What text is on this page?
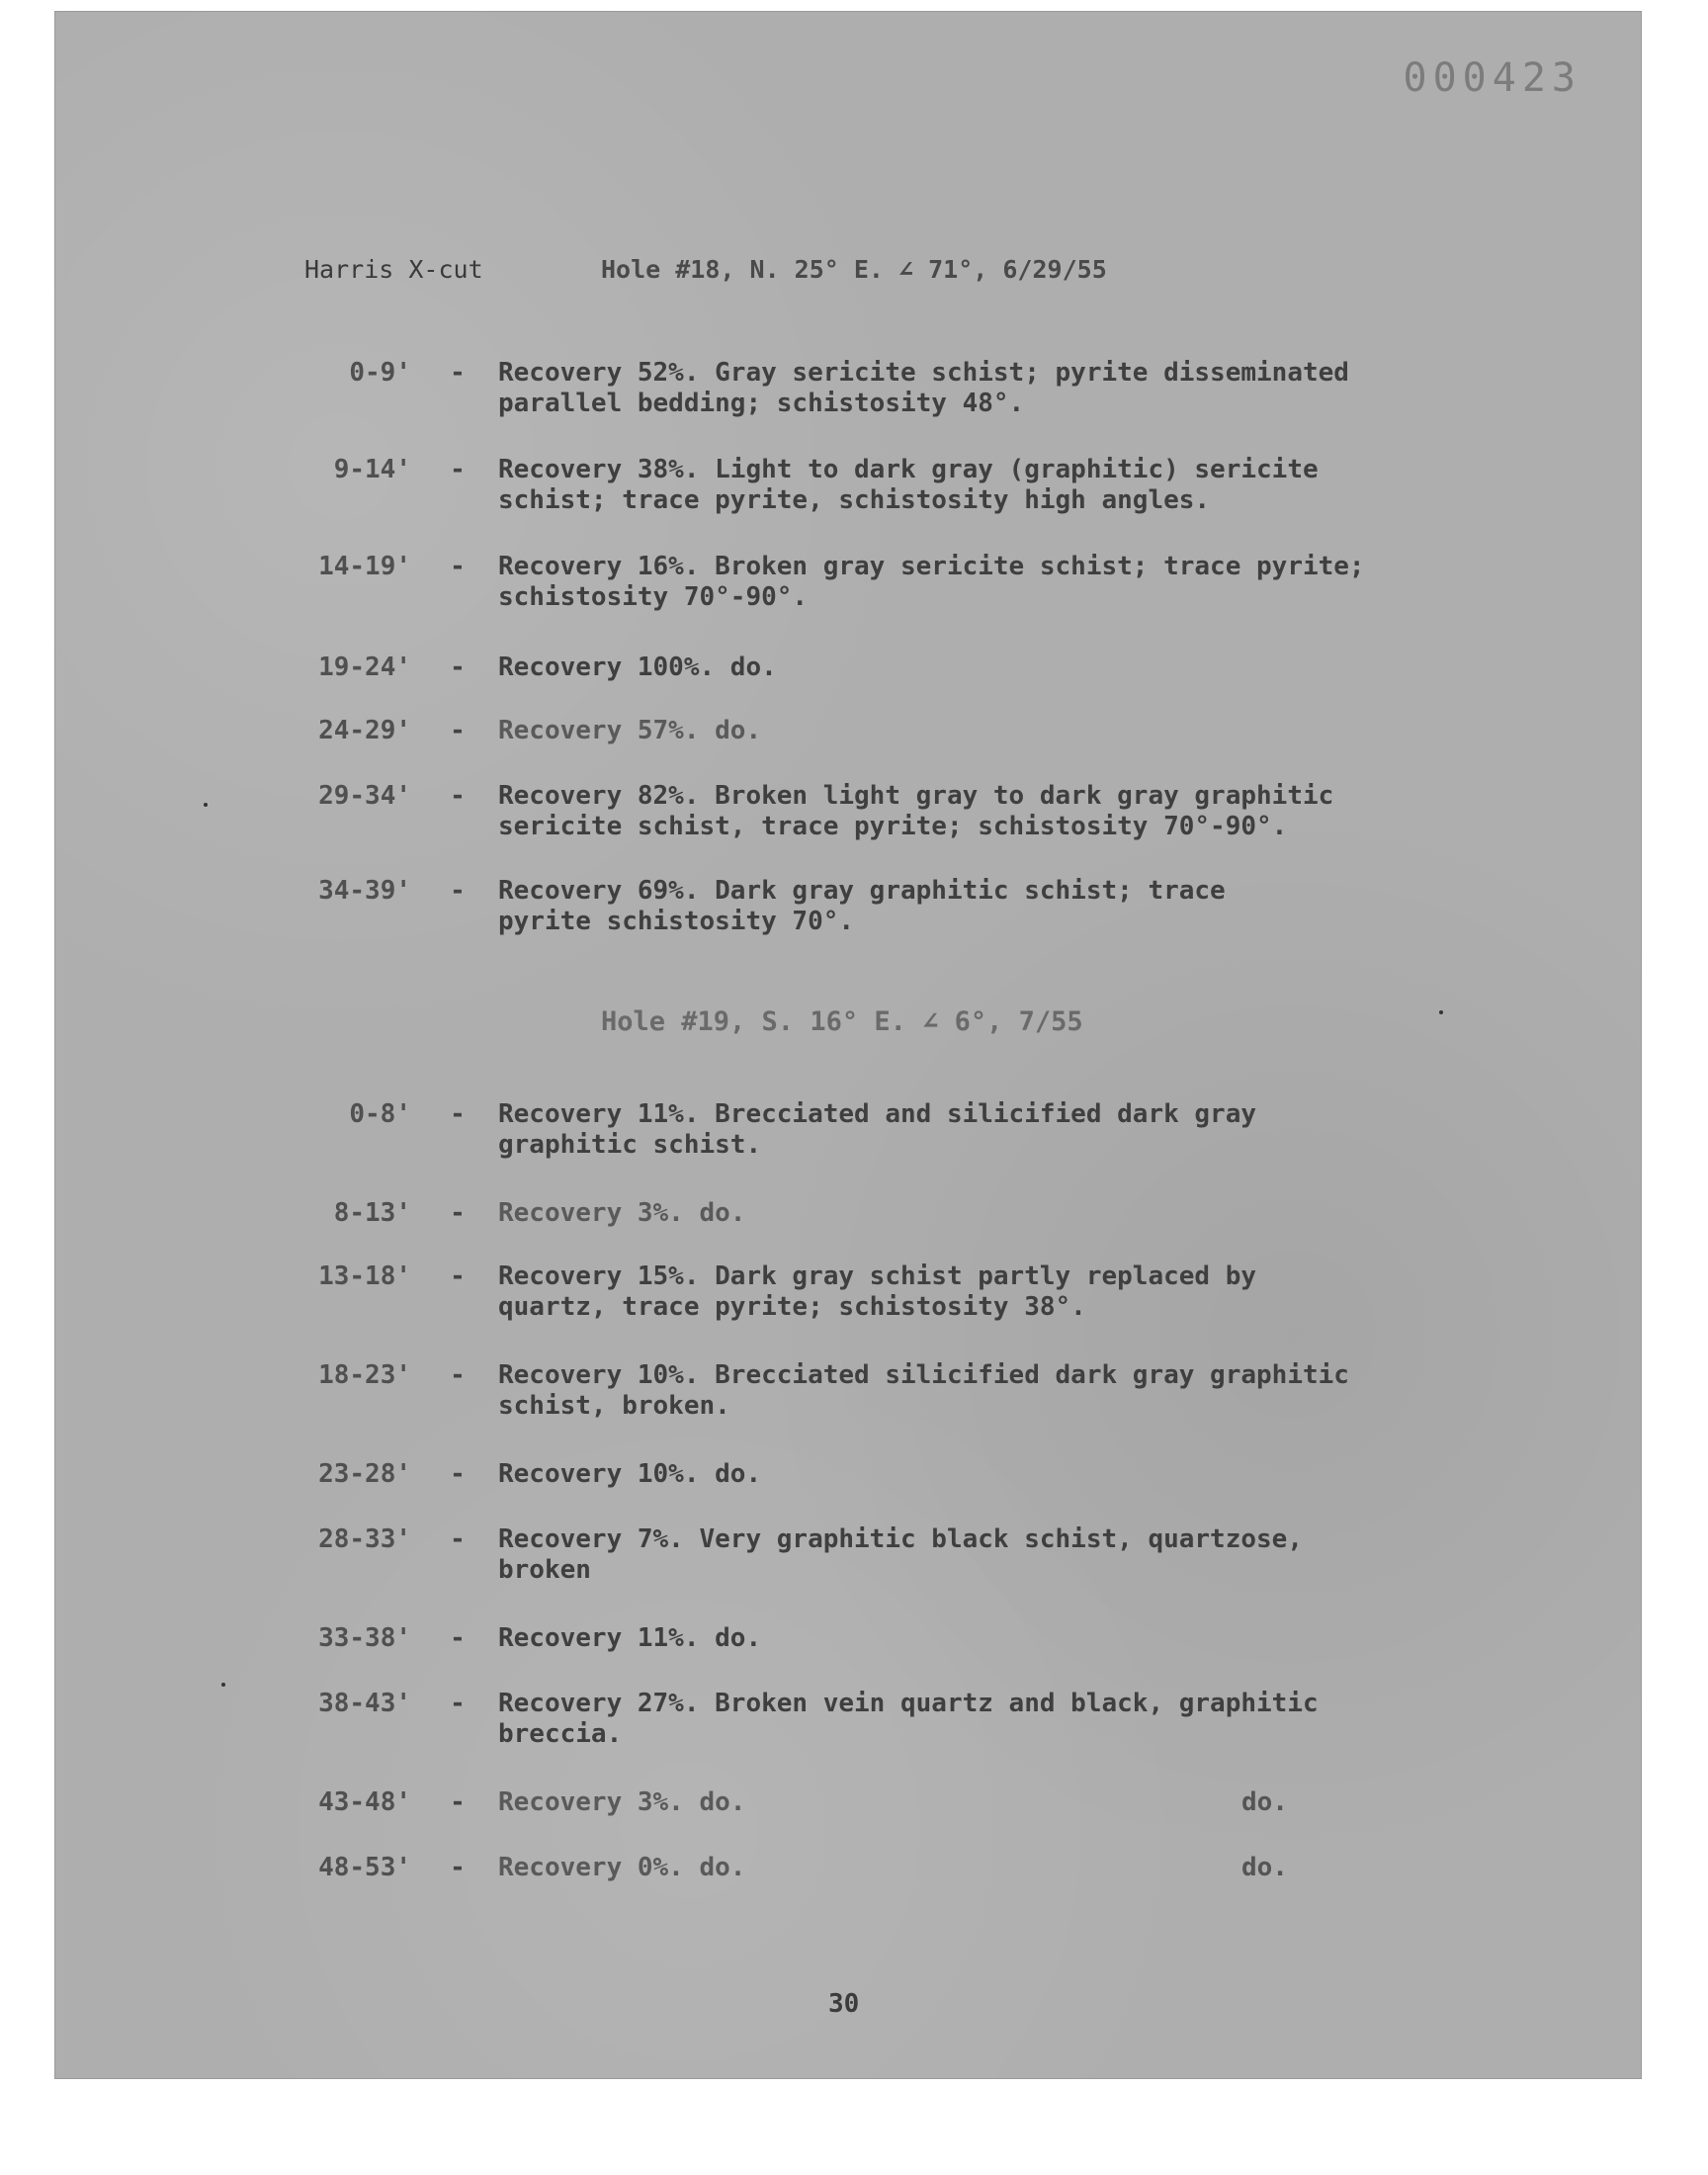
000423
Harris X-cut	Hole #18, N. 25° E. ∠ 71°, 6/29/55
0-9' - Recovery 52%. Gray sericite schist; pyrite disseminated
parallel bedding; schistosity 48°.
9-14' - Recovery 38%. Light to dark gray (graphitic) sericite
schist; trace pyrite, schistosity high angles.
14-19' - Recovery 16%. Broken gray sericite schist; trace pyrite;
schistosity 70°-90°.
19-24' - Recovery 100%. do.
24-29' - Recovery 57%. do.
29-34' - Recovery 82%. Broken light gray to dark gray graphitic
sericite schist, trace pyrite; schistosity 70°-90°.
34-39' - Recovery 69%. Dark gray graphitic schist; trace
pyrite schistosity 70°.
Hole #19, S. 16° E. ∠ 6°, 7/55
0-8' - Recovery 11%. Brecciated and silicified dark gray
graphitic schist.
8-13' - Recovery 3%. do.
13-18' - Recovery 15%. Dark gray schist partly replaced by
quartz, trace pyrite; schistosity 38°.
18-23' - Recovery 10%. Brecciated silicified dark gray graphitic
schist, broken.
23-28' - Recovery 10%. do.
28-33' - Recovery 7%. Very graphitic black schist, quartzose,
broken
33-38' - Recovery 11%. do.
38-43' - Recovery 27%. Broken vein quartz and black, graphitic
breccia.
43-48' - Recovery 3%. do.	do.
48-53' - Recovery 0%. do.	do.
30
